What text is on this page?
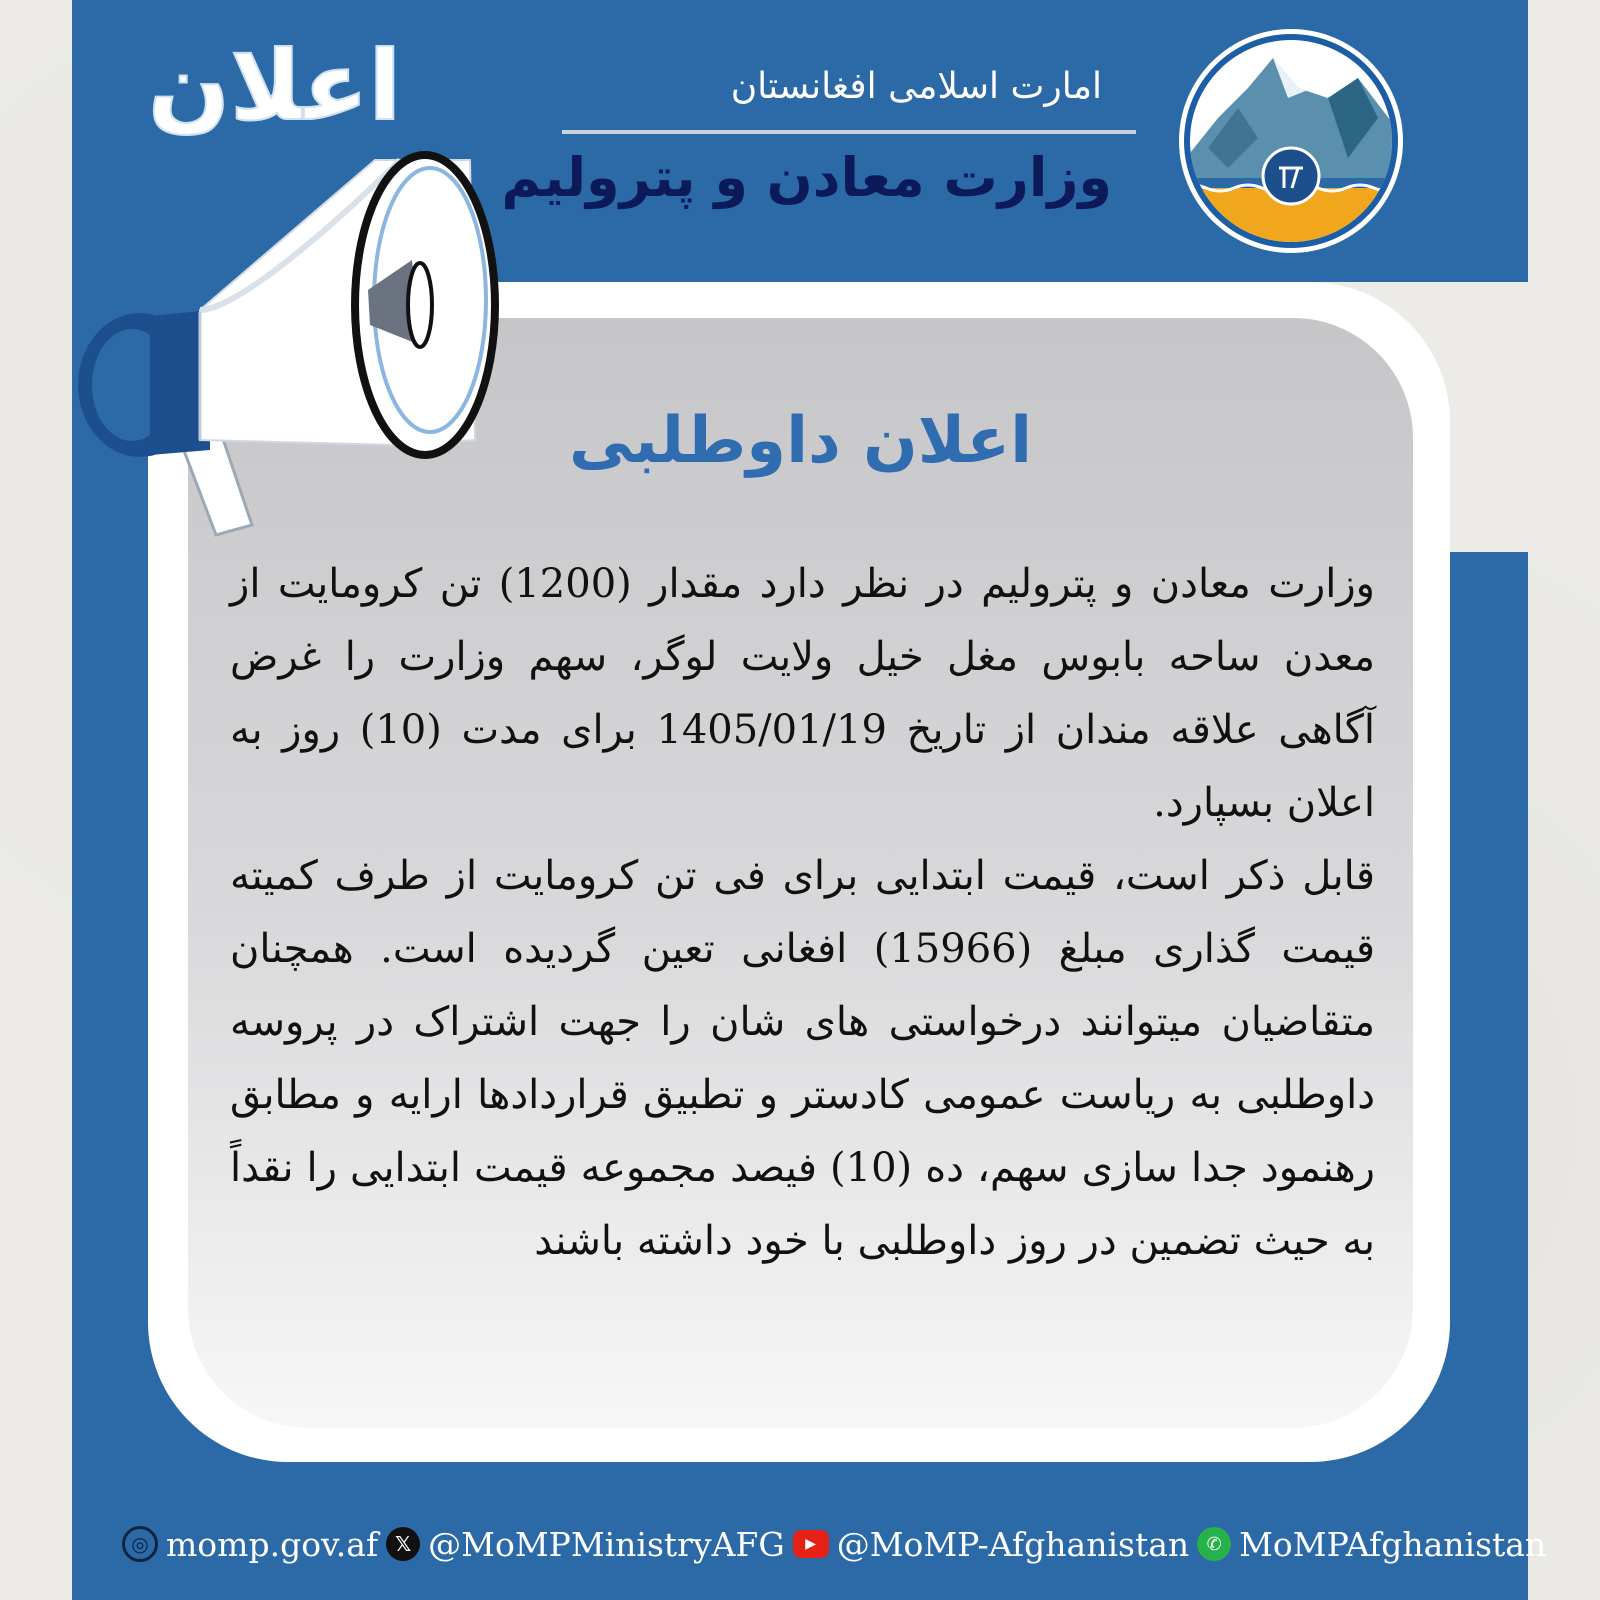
امارت اسلامی افغانستان
وزارت معادن و پترولیم
اعلان
اعلان داوطلبی

وزارت معادن و پترولیم در نظر دارد مقدار (1200) تن کرومایت از معدن ساحه بابوس مغل خیل ولایت لوگر، سهم وزارت را غرض آگاهی علاقه مندان از تاریخ 1405/01/19 برای مدت (10) روز به اعلان بسپارد.

قابل ذکر است، قیمت ابتدایی برای فی تن کرومایت از طرف کمیته قیمت گذاری مبلغ (15966) افغانی تعین گردیده است. همچنان متقاضیان میتوانند درخواستی های شان را جهت اشتراک در پروسه داوطلبی به ریاست عمومی کادستر و تطبیق قراردادها ارایه و مطابق رهنمود جدا سازی سهم، ده (10) فیصد مجموعه قیمت ابتدایی را نقداً به حیث تضمین در روز داوطلبی با خود داشته باشند

◎ momp.gov.af 𝕏 @MoMPMinistryAFG	▶ @MoMP-Afghanistan ✆ MoMPAfghanistan
